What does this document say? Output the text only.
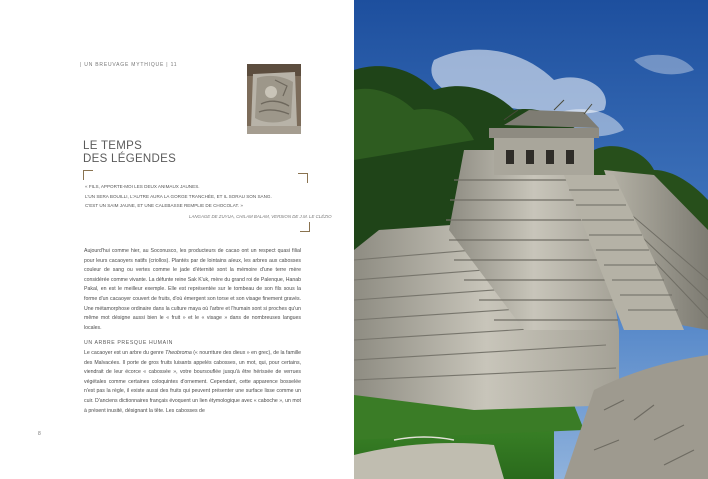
| UN BREUVAGE MYTHIQUE | 11
LE TEMPS
DES LÉGENDES

« FILS, APPORTE-MOI LES DEUX ANIMAUX JAUNES.

L'UN SERA BOUILLI, L'AUTRE AURA LA GORGE TRANCHÉE, ET IL SORAU SON SANG.

C'EST UN SAIM JAUNE, ET UNE CALEBASSE REMPLIE DE CHOCOLAT. »

LANGAGE DE ZUYUA, CHILAM BALAM, VERSION DE J.M. LE CLÉZIO

Aujourd'hui comme hier, au Soconusco, les producteurs de cacao ont un respect quasi filial pour leurs cacaoyers natifs (criollos). Plantés par de lointains aïeux, les arbres aux cabosses couleur de sang ou vertes comme le jade d'éternité sont la mémoire d'une terre mère considérée comme vivante. La défunte reine Sak K'uk, mère du grand roi de Palenque, Hanab Pakal, en est le meilleur exemple. Elle est représentée sur le tombeau de son fils sous la forme d'un cacaoyer couvert de fruits, d'où émergent son torse et son visage finement gravés. Une métamorphose ordinaire dans la culture maya où l'arbre et l'humain sont si proches qu'un même mot désigne aussi bien le « fruit » et le « visage » dans de nombreuses langues locales.

UN ARBRE PRESQUE HUMAIN

Le cacaoyer est un arbre du genre Theobroma (« nourriture des dieux » en grec), de la famille des Malvacées. Il porte de gros fruits luisants appelés cabosses, un mot, qui, pour certains, viendrait de leur écorce « cabossée », votre boursouflée jusqu'à être hérissée de verrues végétales comme certaines coloquintes d'ornement. Cependant, cette apparence bosselée n'est pas la règle, il existe aussi des fruits qui peuvent présenter une surface lisse comme un cuir. D'anciens dictionnaires français évoquent un lien étymologique avec « caboche », un mot à présent inusité, désignant la tête. Les cabosses de

8
